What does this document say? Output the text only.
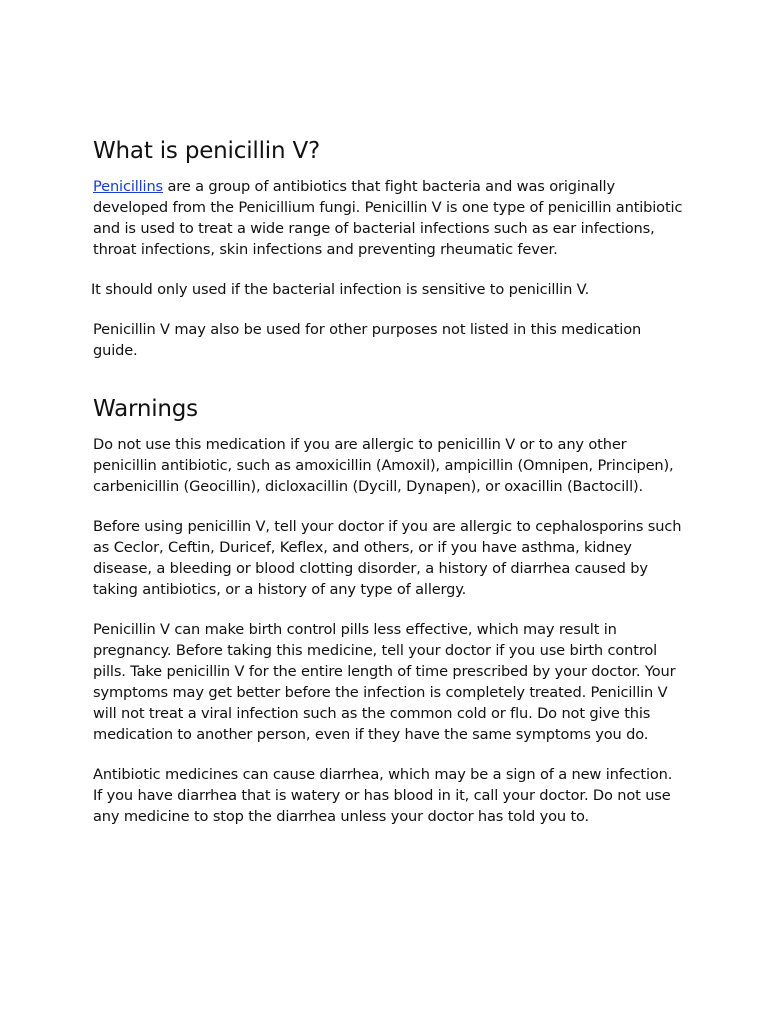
What is penicillin V?

Penicillins are a group of antibiotics that fight bacteria and was originally developed from the Penicillium fungi. Penicillin V is one type of penicillin antibiotic and is used to treat a wide range of bacterial infections such as ear infections, throat infections, skin infections and preventing rheumatic fever.

It should only used if the bacterial infection is sensitive to penicillin V.

Penicillin V may also be used for other purposes not listed in this medication guide.

Warnings

Do not use this medication if you are allergic to penicillin V or to any other penicillin antibiotic, such as amoxicillin (Amoxil), ampicillin (Omnipen, Principen), carbenicillin (Geocillin), dicloxacillin (Dycill, Dynapen), or oxacillin (Bactocill).

Before using penicillin V, tell your doctor if you are allergic to cephalosporins such as Ceclor, Ceftin, Duricef, Keflex, and others, or if you have asthma, kidney disease, a bleeding or blood clotting disorder, a history of diarrhea caused by taking antibiotics, or a history of any type of allergy.

Penicillin V can make birth control pills less effective, which may result in pregnancy. Before taking this medicine, tell your doctor if you use birth control pills. Take penicillin V for the entire length of time prescribed by your doctor. Your symptoms may get better before the infection is completely treated. Penicillin V will not treat a viral infection such as the common cold or flu. Do not give this medication to another person, even if they have the same symptoms you do.

Antibiotic medicines can cause diarrhea, which may be a sign of a new infection. If you have diarrhea that is watery or has blood in it, call your doctor. Do not use any medicine to stop the diarrhea unless your doctor has told you to.
